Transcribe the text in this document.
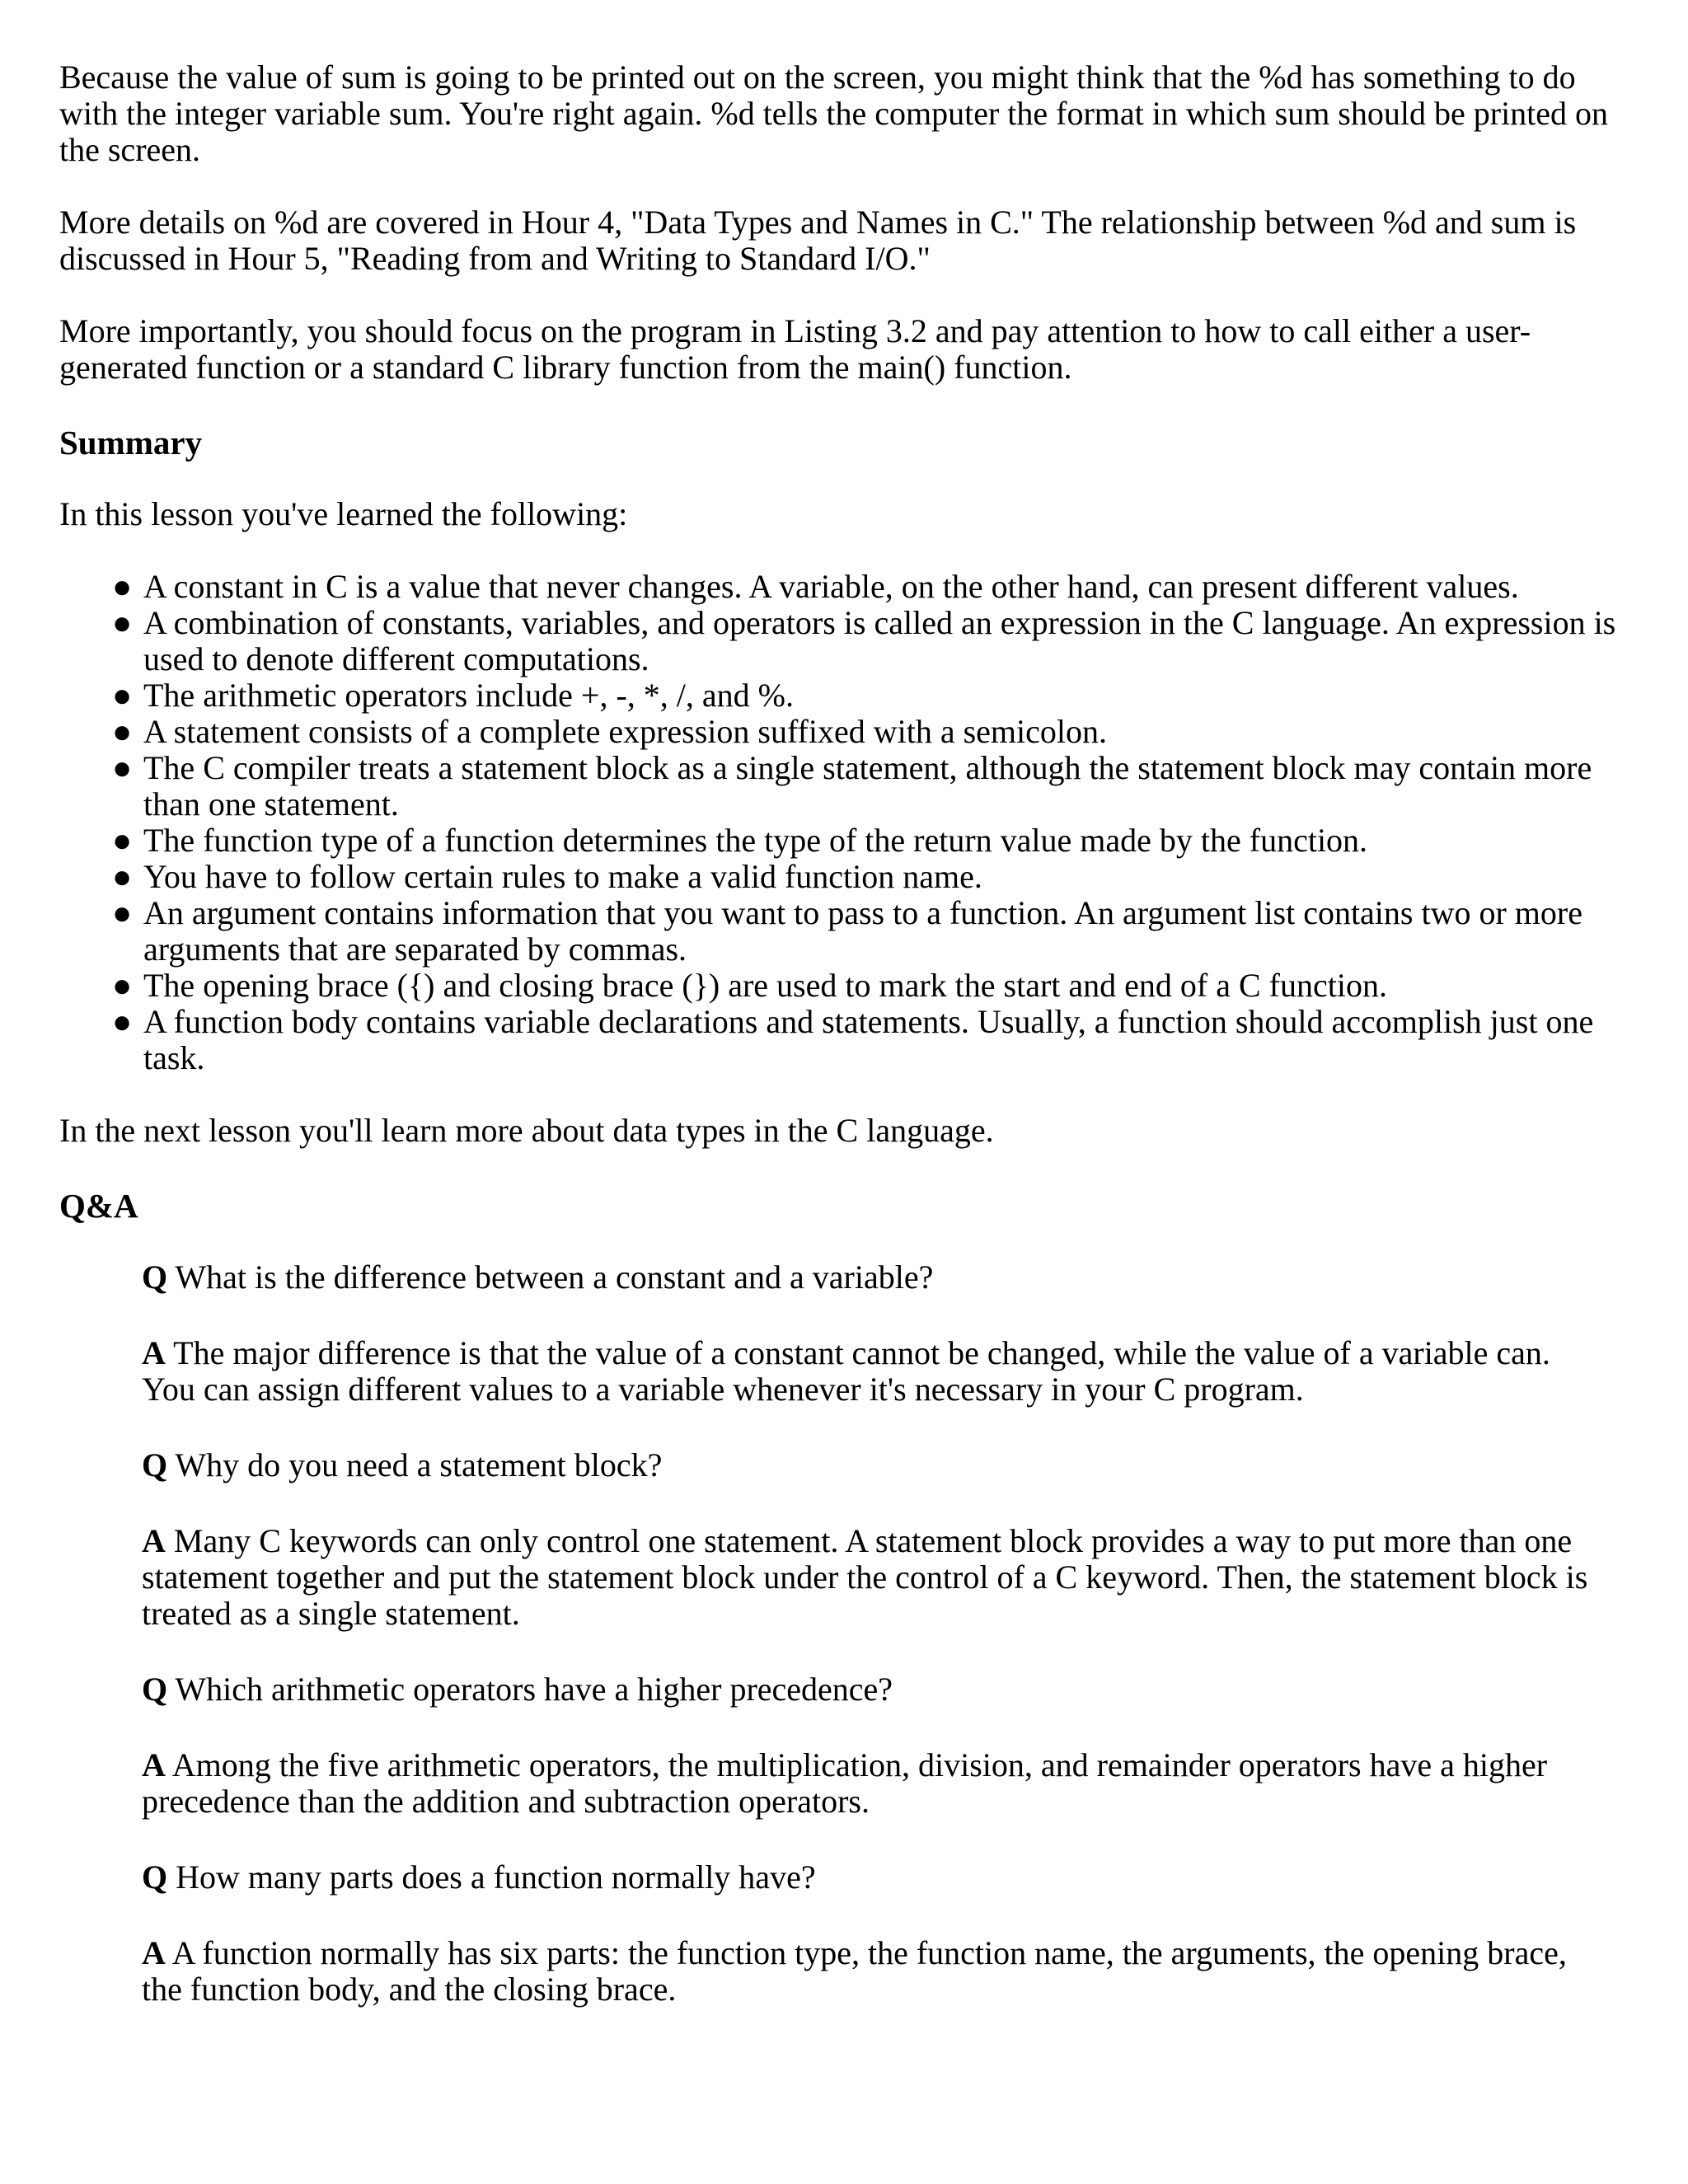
Because the value of sum is going to be printed out on the screen, you might think that the %d has something to do with the integer variable sum. You're right again. %d tells the computer the format in which sum should be printed on the screen.

More details on %d are covered in Hour 4, "Data Types and Names in C." The relationship between %d and sum is discussed in Hour 5, "Reading from and Writing to Standard I/O."

More importantly, you should focus on the program in Listing 3.2 and pay attention to how to call either a user-generated function or a standard C library function from the main() function.

Summary

In this lesson you've learned the following:

● A constant in C is a value that never changes. A variable, on the other hand, can present different values.
● A combination of constants, variables, and operators is called an expression in the C language. An expression is used to denote different computations.
● The arithmetic operators include +, -, *, /, and %.
● A statement consists of a complete expression suffixed with a semicolon.
● The C compiler treats a statement block as a single statement, although the statement block may contain more than one statement.
● The function type of a function determines the type of the return value made by the function.
● You have to follow certain rules to make a valid function name.
● An argument contains information that you want to pass to a function. An argument list contains two or more arguments that are separated by commas.
● The opening brace ({) and closing brace (}) are used to mark the start and end of a C function.
● A function body contains variable declarations and statements. Usually, a function should accomplish just one task.

In the next lesson you'll learn more about data types in the C language.

Q&A

Q What is the difference between a constant and a variable?

A The major difference is that the value of a constant cannot be changed, while the value of a variable can. You can assign different values to a variable whenever it's necessary in your C program.

Q Why do you need a statement block?

A Many C keywords can only control one statement. A statement block provides a way to put more than one statement together and put the statement block under the control of a C keyword. Then, the statement block is treated as a single statement.

Q Which arithmetic operators have a higher precedence?

A Among the five arithmetic operators, the multiplication, division, and remainder operators have a higher precedence than the addition and subtraction operators.

Q How many parts does a function normally have?

A A function normally has six parts: the function type, the function name, the arguments, the opening brace, the function body, and the closing brace.
